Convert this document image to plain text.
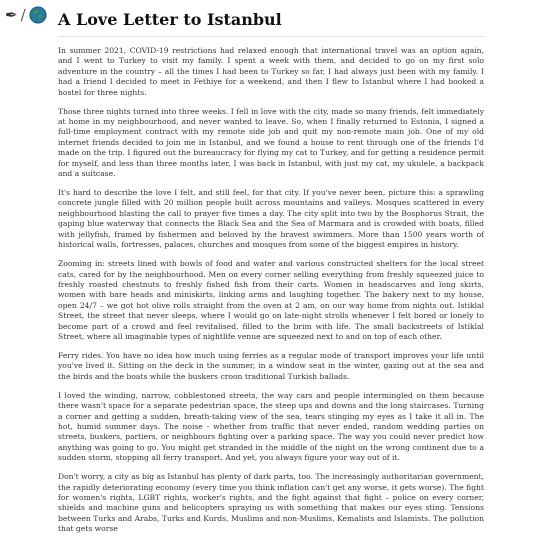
✒ / A Love Letter to Istanbul

In summer 2021, COVID-19 restrictions had relaxed enough that international travel was an option again, and I went to Turkey to visit my family. I spent a week with them, and decided to go on my first solo adventure in the country – all the times I had been to Turkey so far, I had always just been with my family. I had a friend I decided to meet in Fethiye for a weekend, and then I flew to Istanbul where I had booked a hostel for three nights.

Those three nights turned into three weeks. I fell in love with the city, made so many friends, felt immediately at home in my neighbourhood, and never wanted to leave. So, when I finally returned to Estonia, I signed a full-time employment contract with my remote side job and quit my non-remote main job. One of my old internet friends decided to join me in Istanbul, and we found a house to rent through one of the friends I'd made on the trip. I figured out the bureaucracy for flying my cat to Turkey, and for getting a residence permit for myself, and less than three months later, I was back in Istanbul, with just my cat, my ukulele, a backpack and a suitcase.

It's hard to describe the love I felt, and still feel, for that city. If you've never been, picture this: a sprawling concrete jungle filled with 20 million people built across mountains and valleys. Mosques scattered in every neighbourhood blasting the call to prayer five times a day. The city split into two by the Bosphorus Strait, the gaping blue waterway that connects the Black Sea and the Sea of Marmara and is crowded with boats, filled with jellyfish, framed by fishermen and beloved by the bravest swimmers. More than 1500 years worth of historical walls, fortresses, palaces, churches and mosques from some of the biggest empires in history.

Zooming in: streets lined with bowls of food and water and various constructed shelters for the local street cats, cared for by the neighbourhood. Men on every corner selling everything from freshly squeezed juice to freshly roasted chestnuts to freshly fished fish from their carts. Women in headscarves and long skirts, women with bare heads and miniskirts, linking arms and laughing together. The bakery next to my house, open 24/7 – we got hot olive rolls straight from the oven at 2 am, on our way home from nights out. Istiklal Street, the street that never sleeps, where I would go on late-night strolls whenever I felt bored or lonely to become part of a crowd and feel revitalised, filled to the brim with life. The small backstreets of Istiklal Street, where all imaginable types of nightlife venue are squeezed next to and on top of each other.

Ferry rides. You have no idea how much using ferries as a regular mode of transport improves your life until you've lived it. Sitting on the deck in the summer, in a window seat in the winter, gazing out at the sea and the birds and the boats while the buskers croon traditional Turkish ballads.

I loved the winding, narrow, cobblestoned streets, the way cars and people intermingled on them because there wasn't space for a separate pedestrian space, the steep ups and downs and the long staircases. Turning a corner and getting a sudden, breath-taking view of the sea, tears stinging my eyes as I take it all in. The hot, humid summer days. The noise - whether from traffic that never ended, random wedding parties on streets, buskers, partiers, or neighbours fighting over a parking space. The way you could never predict how anything was going to go. You might get stranded in the middle of the night on the wrong continent due to a sudden storm, stopping all ferry transport. And yet, you always figure your way out of it.

Don't worry, a city as big as Istanbul has plenty of dark parts, too. The increasingly authoritarian government, the rapidly deteriorating economy (every time you think inflation can't get any worse, it gets worse). The fight for women's rights, LGBT rights, worker's rights, and the fight against that fight – police on every corner, shields and machine guns and helicopters spraying us with something that makes our eyes sting. Tensions between Turks and Arabs, Turks and Kurds, Muslims and non-Muslims, Kemalists and Islamists. The pollution that gets worse
